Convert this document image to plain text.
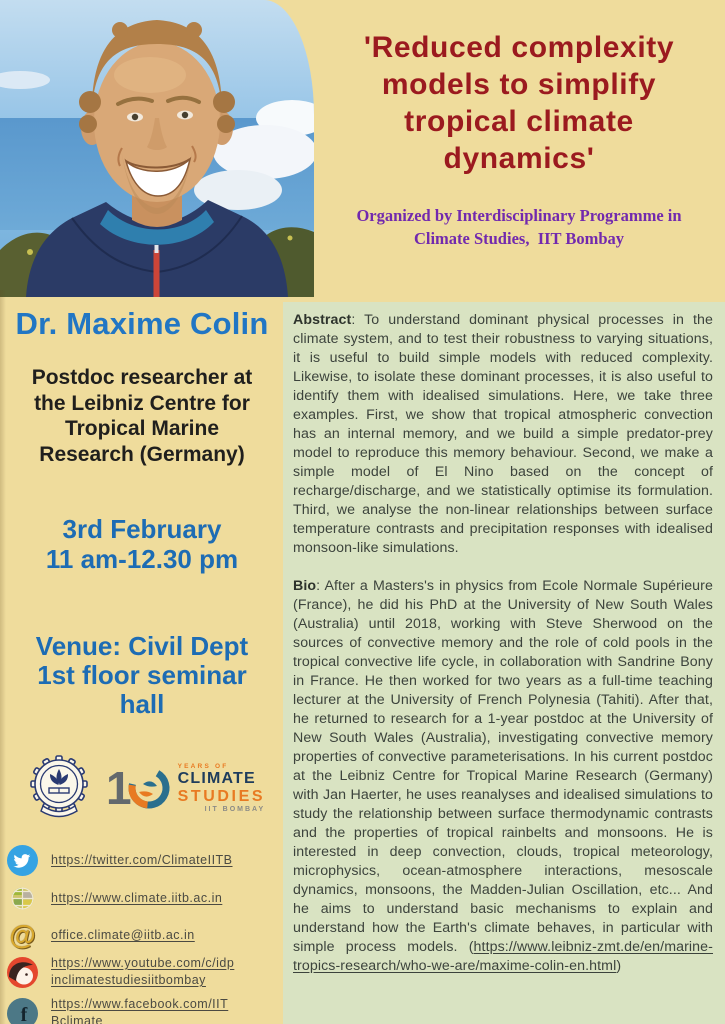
'Reduced complexity
models to simplify
tropical climate
dynamics'
Organized by Interdisciplinary Programme in
Climate Studies,  IIT Bombay
Dr. Maxime Colin
Postdoc researcher at
the Leibniz Centre for
Tropical Marine
Research (Germany)
3rd February
11 am-12.30 pm
Venue: Civil Dept
1st floor seminar
hall
1	YEARS OF
CLIMATE
STUDIES
IIT BOMBAY
https://twitter.com/ClimateIITB
https://www.climate.iitb.ac.in
@ office.climate@iitb.ac.in
https://www.youtube.com/c/idp
inclimatestudiesiitbombay
f https://www.facebook.com/IIT
Bclimate

Abstract: To understand dominant physical processes in the climate system, and to test their robustness to varying situations, it is useful to build simple models with reduced complexity. Likewise, to isolate these dominant processes, it is also useful to identify them with idealised simulations. Here, we take three examples. First, we show that tropical atmospheric convection has an internal memory, and we build a simple predator-prey model to reproduce this memory behaviour. Second, we make a simple model of El Nino based on the concept of recharge/discharge, and we statistically optimise its formulation. Third, we analyse the non-linear relationships between surface temperature contrasts and precipitation responses with idealised monsoon-like simulations.

Bio: After a Masters's in physics from Ecole Normale Supérieure (France), he did his PhD at the University of New South Wales (Australia) until 2018, working with Steve Sherwood on the sources of convective memory and the role of cold pools in the tropical convective life cycle, in collaboration with Sandrine Bony in France. He then worked for two years as a full-time teaching lecturer at the University of French Polynesia (Tahiti). After that, he returned to research for a 1-year postdoc at the University of New South Wales (Australia), investigating convective memory properties of convective parameterisations. In his current postdoc at the Leibniz Centre for Tropical Marine Research (Germany) with Jan Haerter, he uses reanalyses and idealised simulations to study the relationship between surface thermodynamic contrasts and the properties of tropical rainbelts and monsoons. He is interested in deep convection, clouds, tropical meteorology, microphysics, ocean-atmosphere interactions, mesoscale dynamics, monsoons, the Madden-Julian Oscillation, etc... And he aims to understand basic mechanisms to explain and understand how the Earth's climate behaves, in particular with simple process models. (https://www.leibniz-zmt.de/en/marine-tropics-research/who-we-are/maxime-colin-en.html)
